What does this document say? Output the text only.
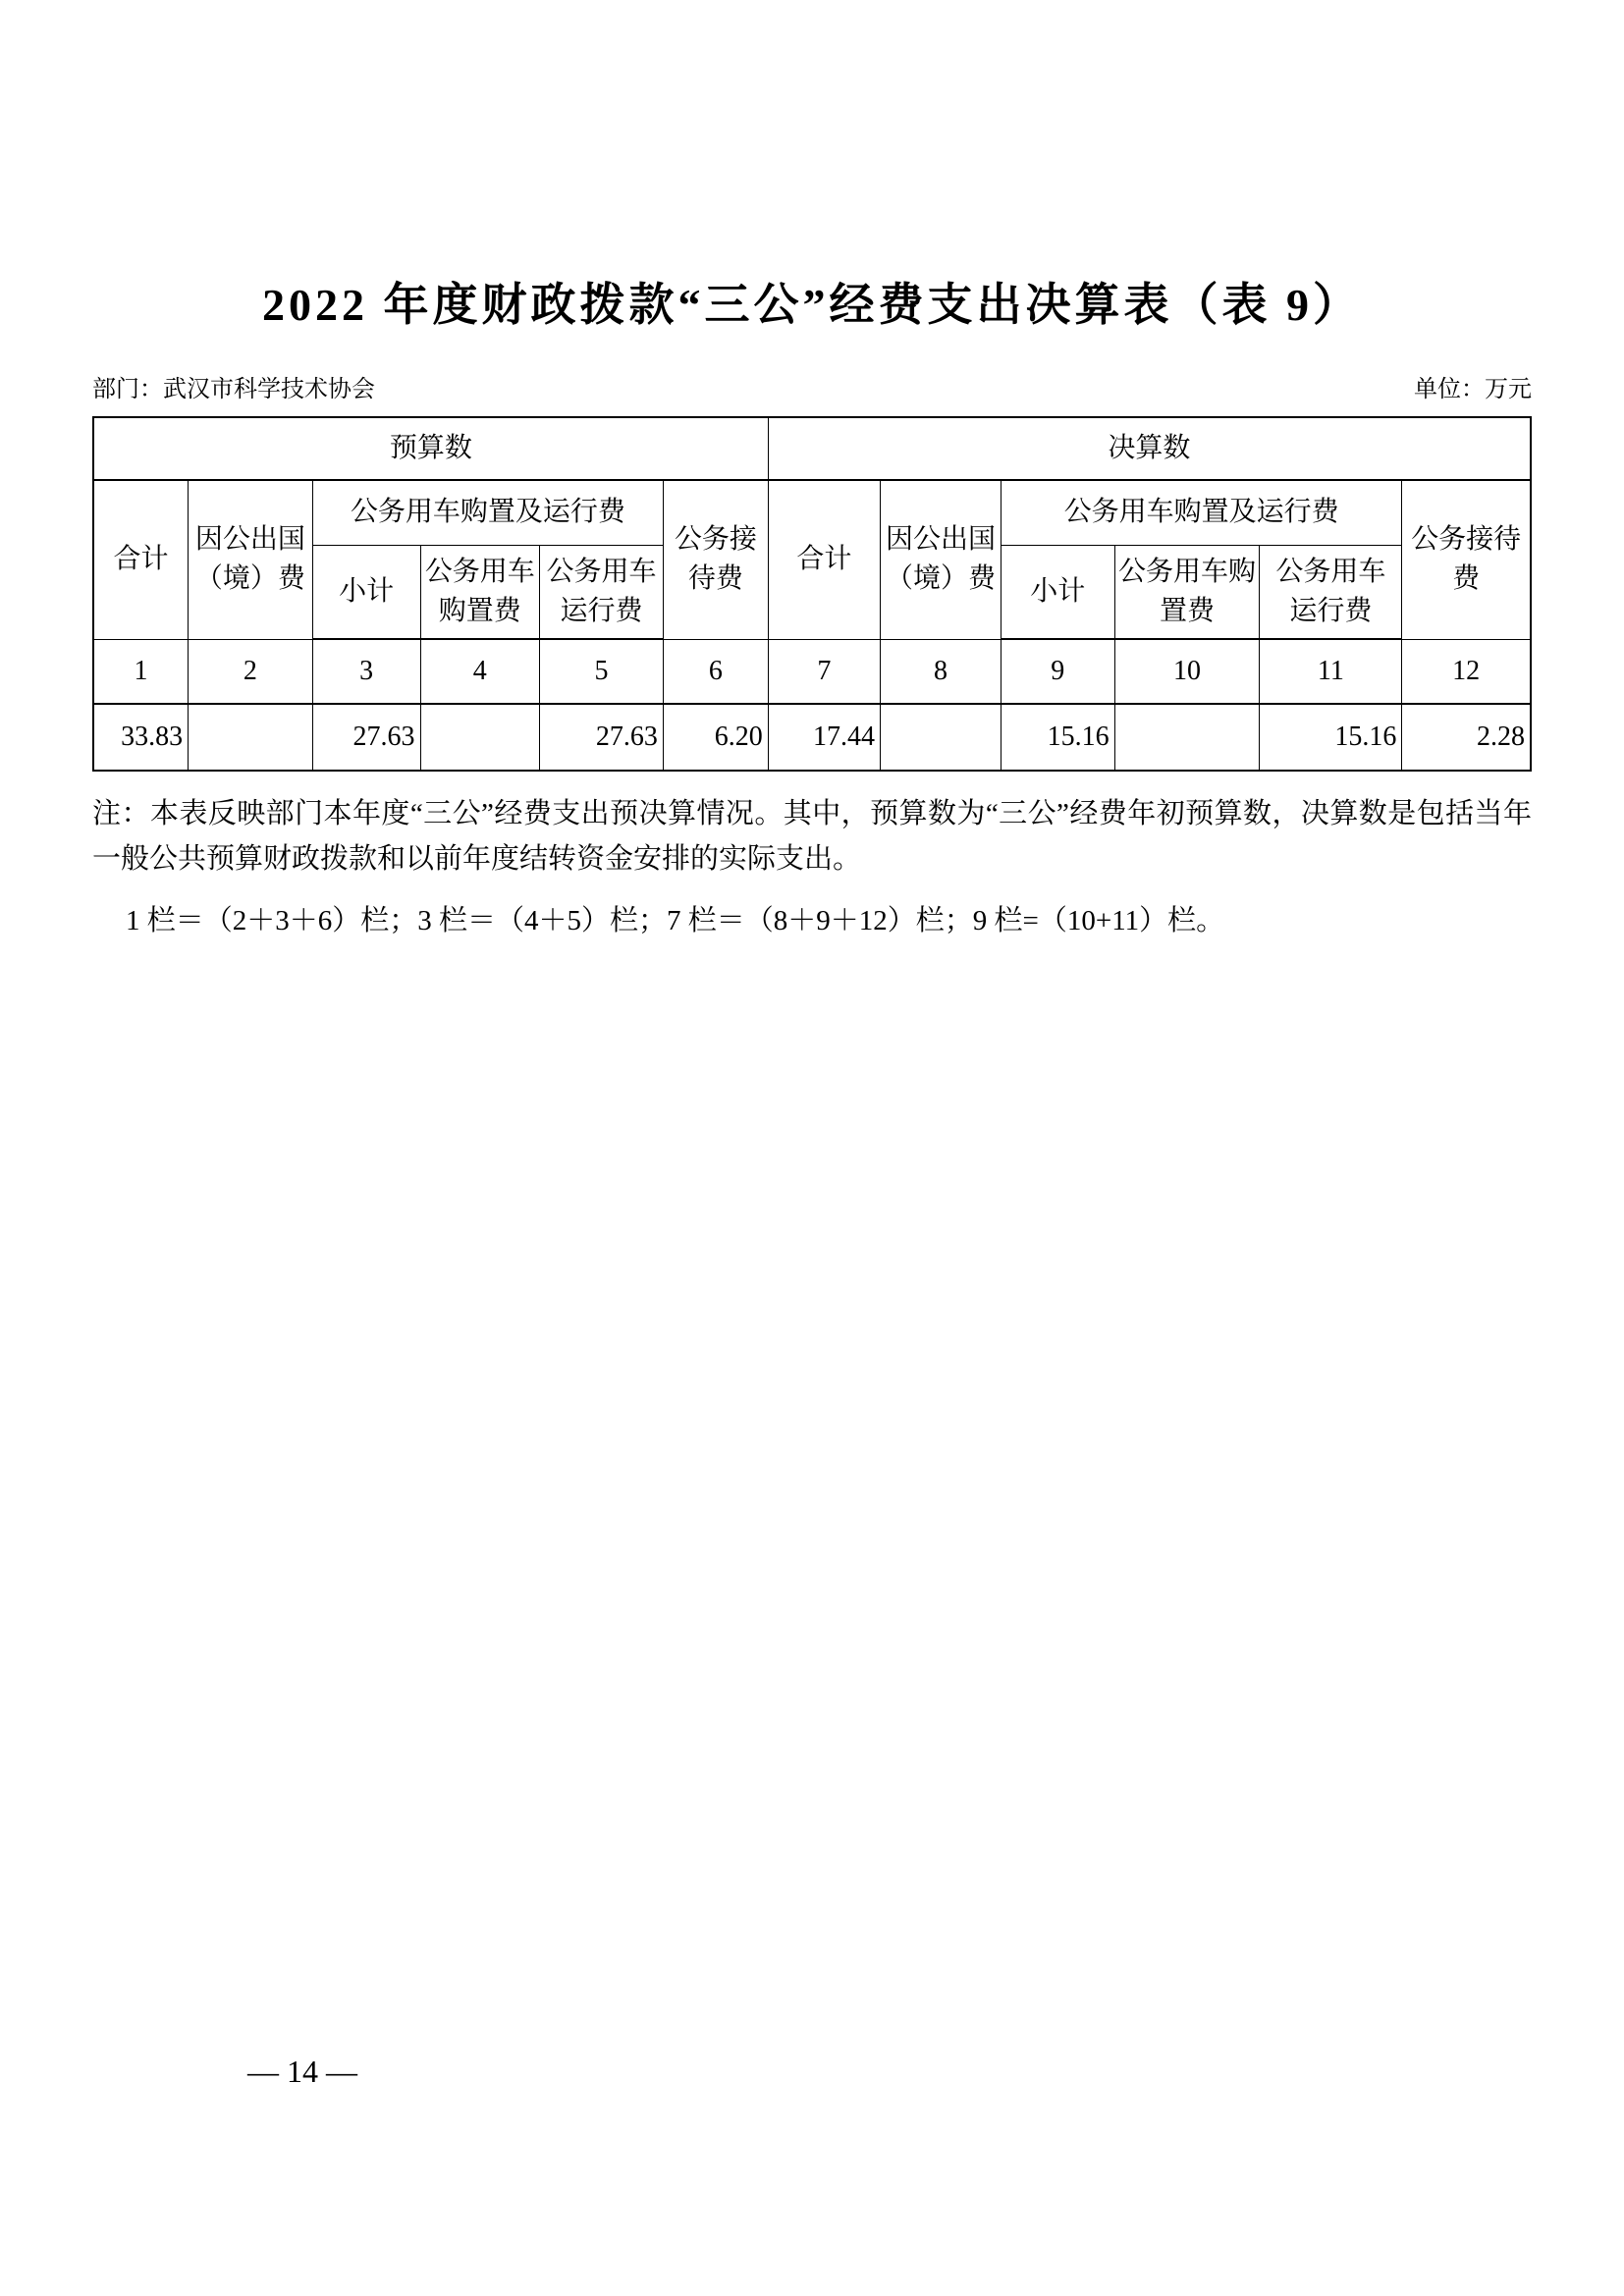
2022 年度财政拨款“三公”经费支出决算表（表 9）
部门：武汉市科学技术协会	单位：万元
预算数						决算数					
合计	因公出国（境）费	公务用车购置及运行费			公务接待费	合计	因公出国（境）费	公务用车购置及运行费			公务接待费
		小计	公务用车购置费	公务用车运行费				小计	公务用车购置费	公务用车运行费	
1	2	3	4	5	6	7	8	9	10	11	12
33.83		27.63		27.63	6.20	17.44		15.16		15.16	2.28

注：本表反映部门本年度“三公”经费支出预决算情况。其中，预算数为“三公”经费年初预算数，决算数是包括当年一般公共预算财政拨款和以前年度结转资金安排的实际支出。

1 栏＝（2＋3＋6）栏；3 栏＝（4＋5）栏；7 栏＝（8＋9＋12）栏；9 栏=（10+11）栏。

— 14 —
